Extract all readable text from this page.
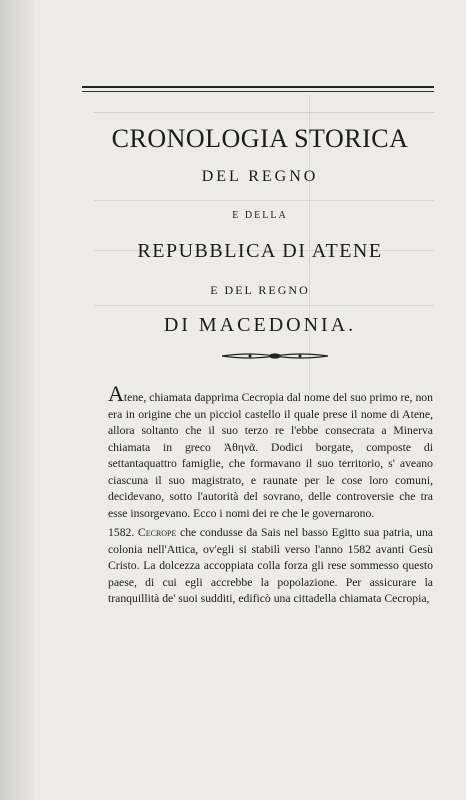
CRONOLOGIA STORICA
DEL REGNO
E DELLA
REPUBBLICA DI ATENE
E DEL REGNO
DI MACEDONIA.

Atene, chiamata dapprima Cecropia dal nome del suo primo re, non era in origine che un picciol castello il quale prese il nome di Atene, allora soltanto che il suo terzo re l'ebbe consecrata a Minerva chiamata in greco Ἀθηνᾶ. Dodici borgate, composte di settantaquattro famiglie, che formavano il suo territorio, s' aveano ciascuna il suo magistrato, e raunate per le cose loro comuni, decidevano, sotto l'autorità del sovrano, delle controversie che tra esse insorgevano. Ecco i nomi dei re che le governarono.

1582. Cecrope che condusse da Sais nel basso Egitto sua patria, una colonia nell'Attica, ov'egli si stabilì verso l'anno 1582 avanti Gesù Cristo. La dolcezza accoppiata colla forza gli rese sommesso questo paese, di cui egli accrebbe la popolazione. Per assicurare la tranquillità de' suoi sudditi, edificò una cittadella chiamata Cecropia,
